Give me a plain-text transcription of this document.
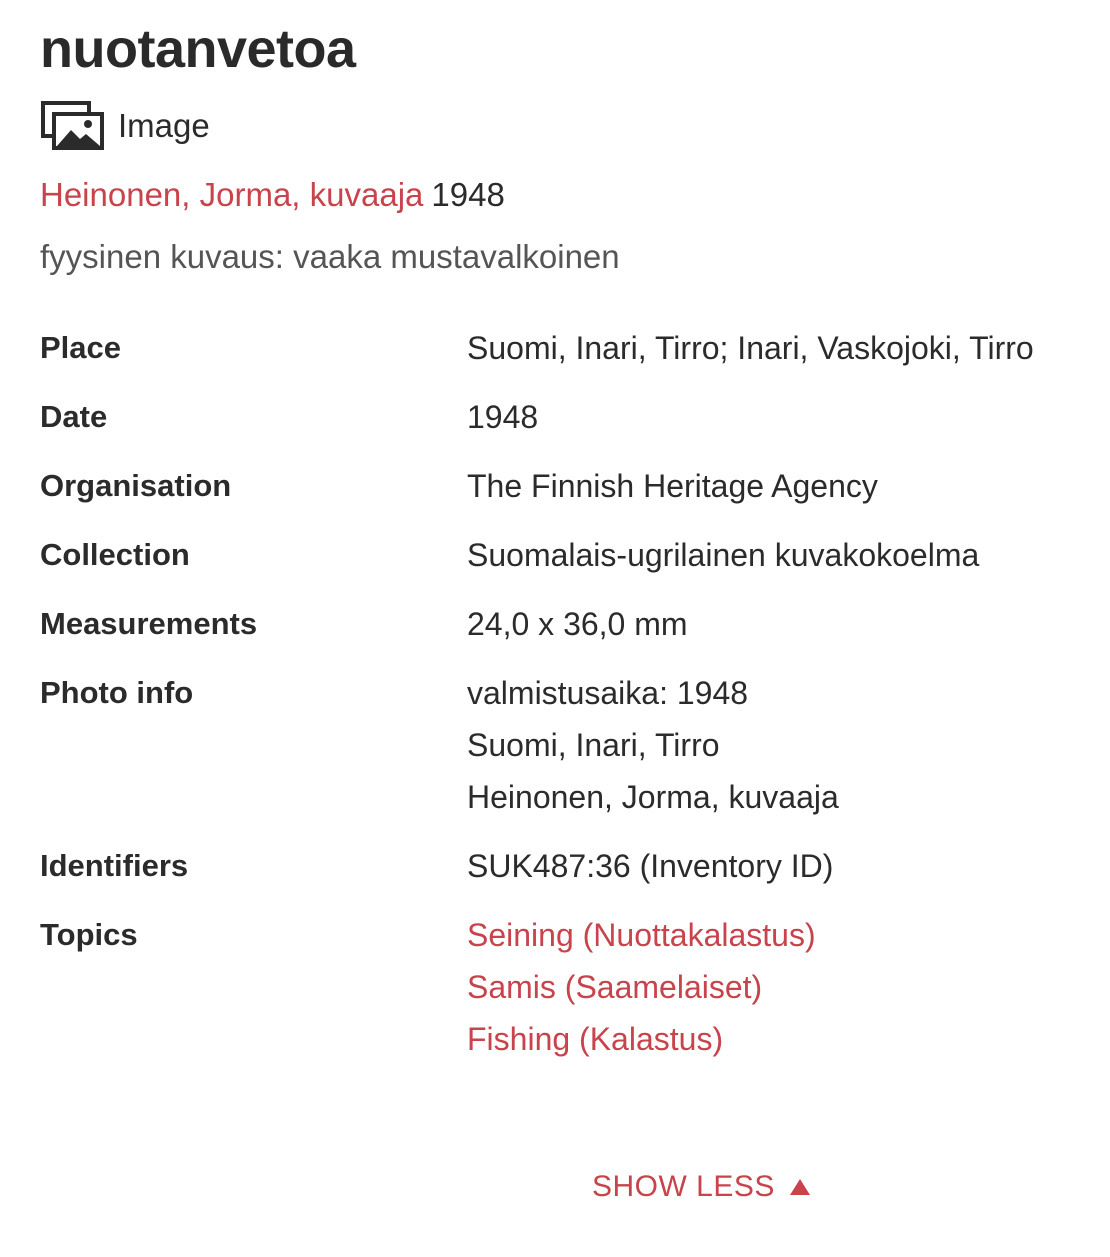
nuotanvetoa
Image
Heinonen, Jorma, kuvaaja 1948
fyysinen kuvaus: vaaka mustavalkoinen
Place	Suomi, Inari, Tirro; Inari, Vaskojoki, Tirro
Date	1948
Organisation	The Finnish Heritage Agency
Collection	Suomalais-ugrilainen kuvakokoelma
Measurements	24,0 x 36,0 mm
Photo info	valmistusaika: 1948
Suomi, Inari, Tirro
Heinonen, Jorma, kuvaaja
Identifiers	SUK487:36 (Inventory ID)
Topics	Seining (Nuottakalastus)
Samis (Saamelaiset)
Fishing (Kalastus)
SHOW LESS
